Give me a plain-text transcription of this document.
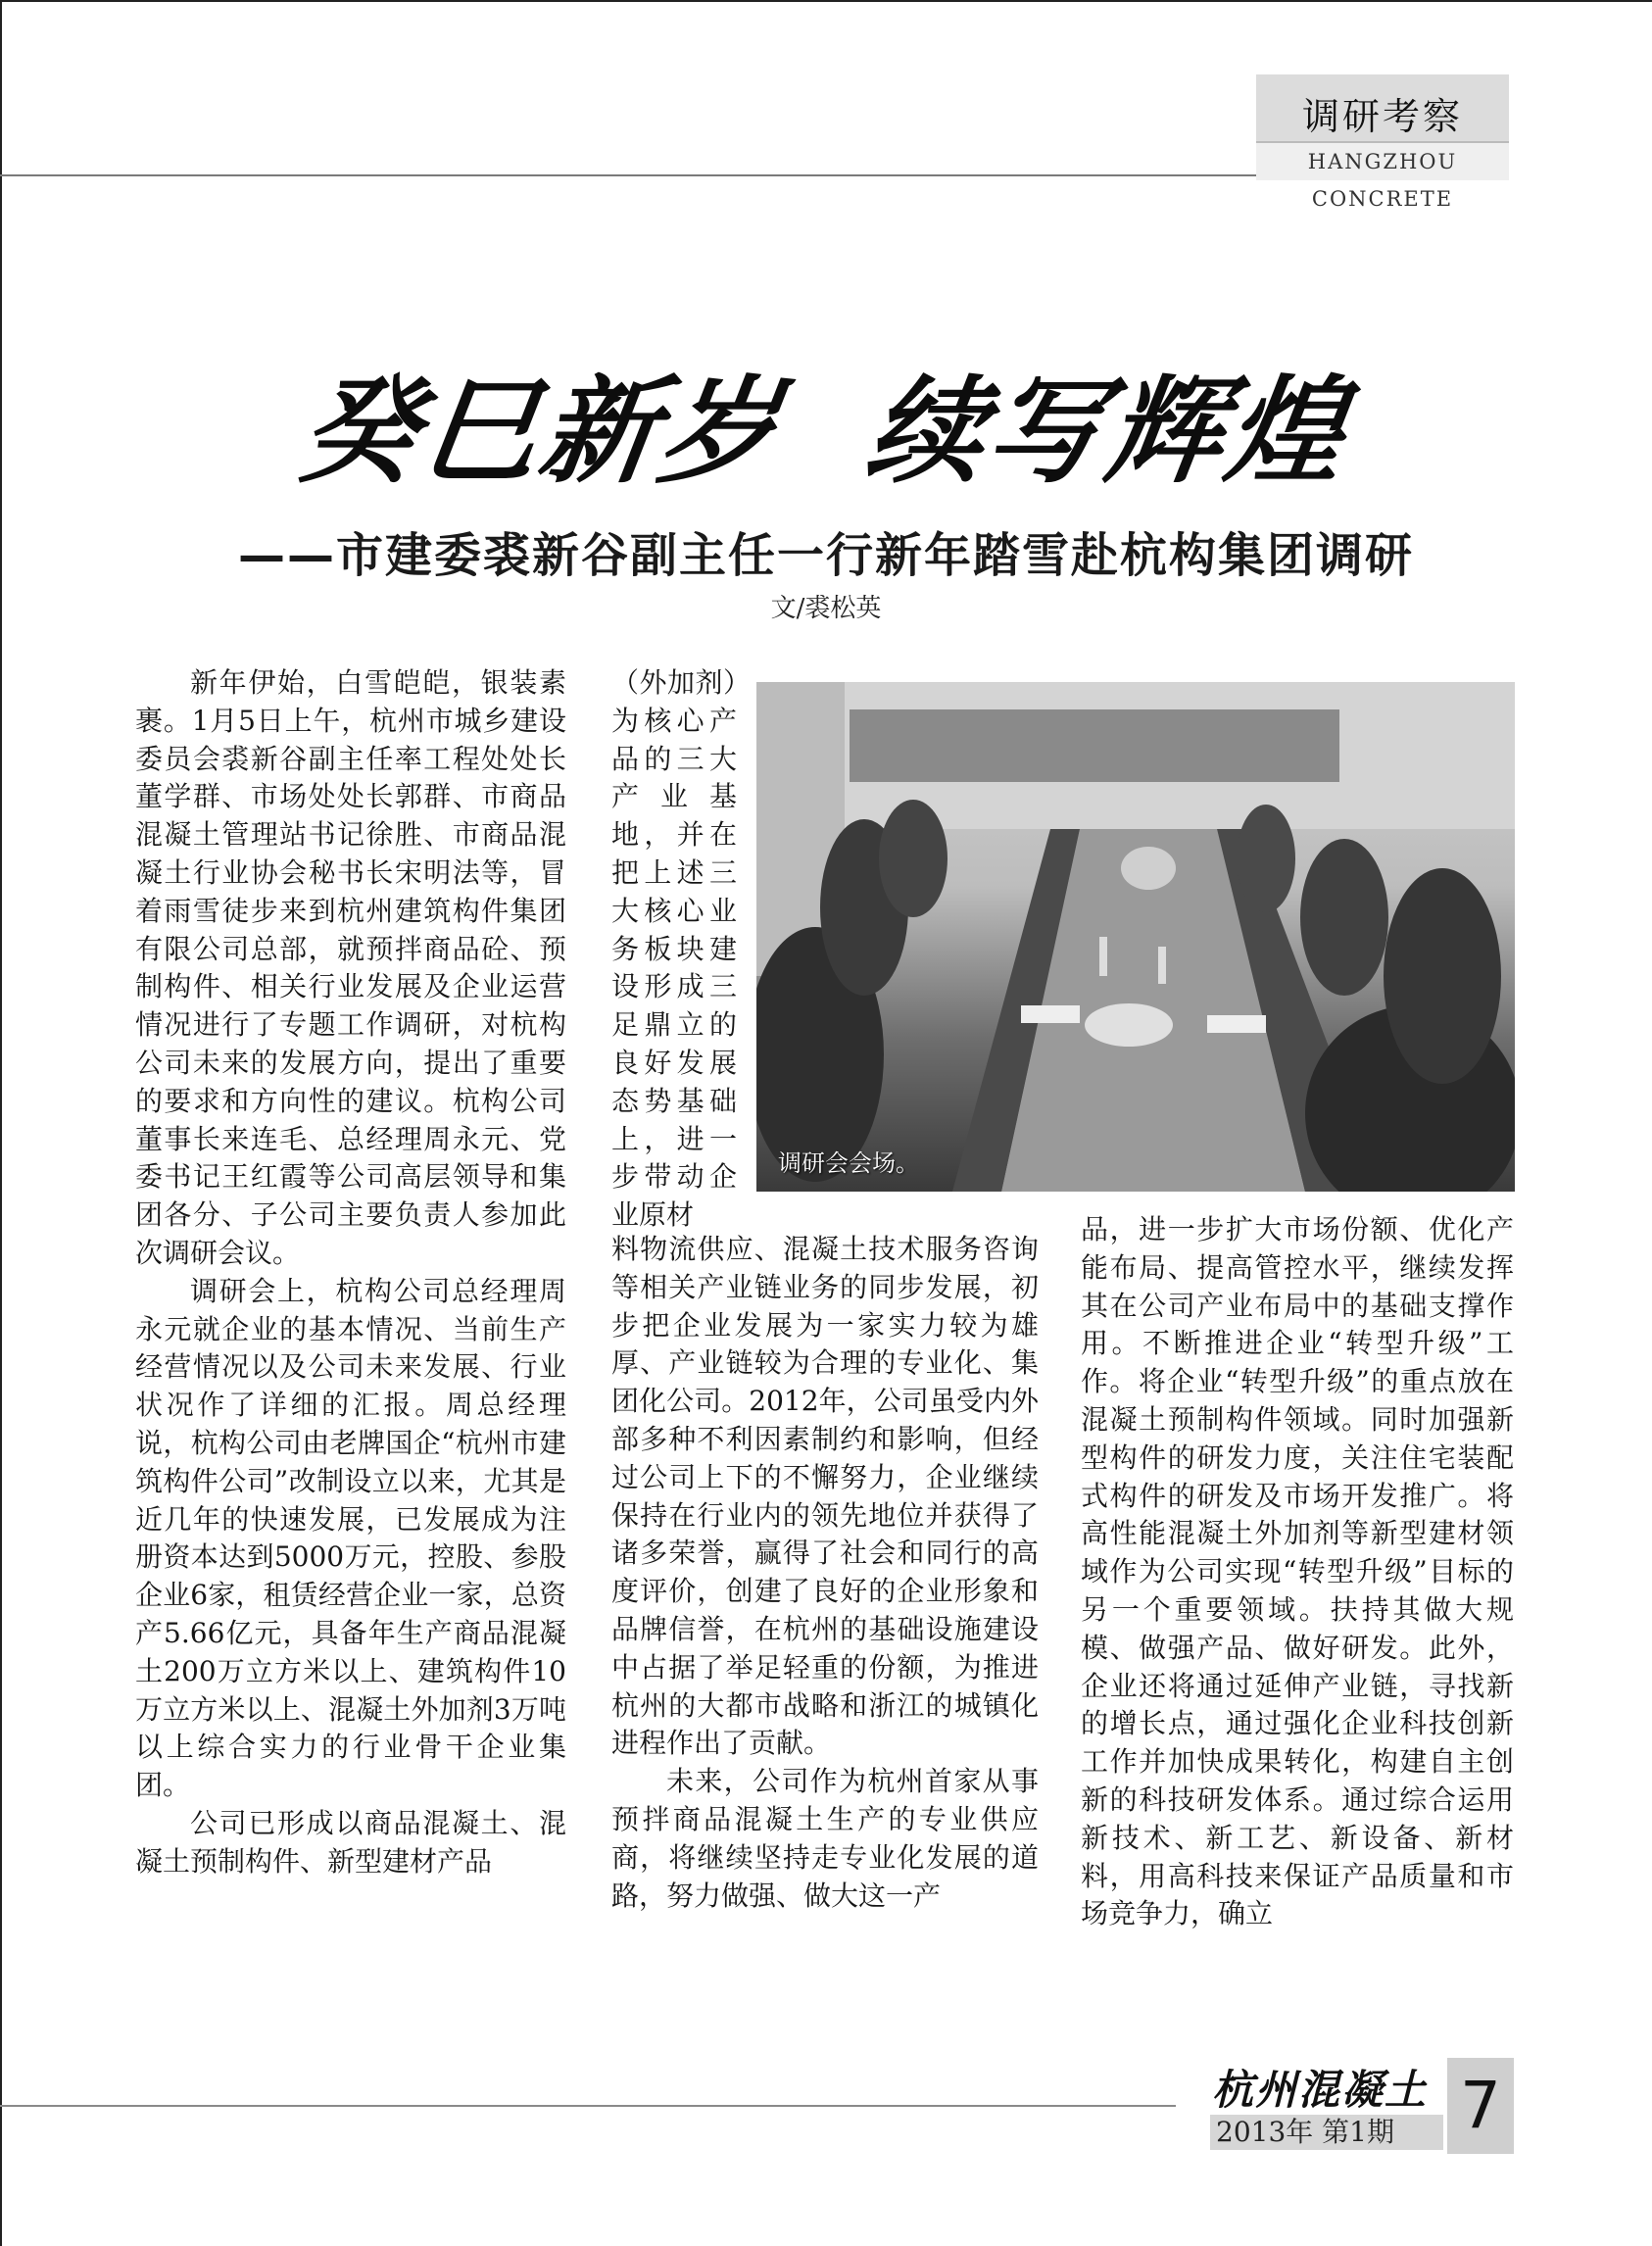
调研考察
HANGZHOU CONCRETE
癸巳新岁  续写辉煌
——市建委裘新谷副主任一行新年踏雪赴杭构集团调研
文/裘松英

新年伊始，白雪皑皑，银装素裹。1月5日上午，杭州市城乡建设委员会裘新谷副主任率工程处处长董学群、市场处处长郭群、市商品混凝土管理站书记徐胜、市商品混凝土行业协会秘书长宋明法等，冒着雨雪徒步来到杭州建筑构件集团有限公司总部，就预拌商品砼、预制构件、相关行业发展及企业运营情况进行了专题工作调研，对杭构公司未来的发展方向，提出了重要的要求和方向性的建议。杭构公司董事长来连毛、总经理周永元、党委书记王红霞等公司高层领导和集团各分、子公司主要负责人参加此次调研会议。

调研会上，杭构公司总经理周永元就企业的基本情况、当前生产经营情况以及公司未来发展、行业状况作了详细的汇报。周总经理说，杭构公司由老牌国企“杭州市建筑构件公司”改制设立以来，尤其是近几年的快速发展，已发展成为注册资本达到5000万元，控股、参股企业6家，租赁经营企业一家，总资产5.66亿元，具备年生产商品混凝土200万立方米以上、建筑构件10万立方米以上、混凝土外加剂3万吨以上综合实力的行业骨干企业集团。

公司已形成以商品混凝土、混凝土预制构件、新型建材产品

（外加剂）为核心产品的三大产业基地，并在把上述三大核心业务板块建设形成三足鼎立的良好发展态势基础上，进一步带动企业原材

调研会会场。

料物流供应、混凝土技术服务咨询等相关产业链业务的同步发展，初步把企业发展为一家实力较为雄厚、产业链较为合理的专业化、集团化公司。2012年，公司虽受内外部多种不利因素制约和影响，但经过公司上下的不懈努力，企业继续保持在行业内的领先地位并获得了诸多荣誉，赢得了社会和同行的高度评价，创建了良好的企业形象和品牌信誉，在杭州的基础设施建设中占据了举足轻重的份额，为推进杭州的大都市战略和浙江的城镇化进程作出了贡献。

未来，公司作为杭州首家从事预拌商品混凝土生产的专业供应商，将继续坚持走专业化发展的道路，努力做强、做大这一产

品，进一步扩大市场份额、优化产能布局、提高管控水平，继续发挥其在公司产业布局中的基础支撑作用。不断推进企业“转型升级”工作。将企业“转型升级”的重点放在混凝土预制构件领域。同时加强新型构件的研发力度，关注住宅装配式构件的研发及市场开发推广。将高性能混凝土外加剂等新型建材领域作为公司实现“转型升级”目标的另一个重要领域。扶持其做大规模、做强产品、做好研发。此外，企业还将通过延伸产业链，寻找新的增长点，通过强化企业科技创新工作并加快成果转化，构建自主创新的科技研发体系。通过综合运用新技术、新工艺、新设备、新材料，用高科技来保证产品质量和市场竞争力，确立

杭州混凝土
2013年 第1期	7
